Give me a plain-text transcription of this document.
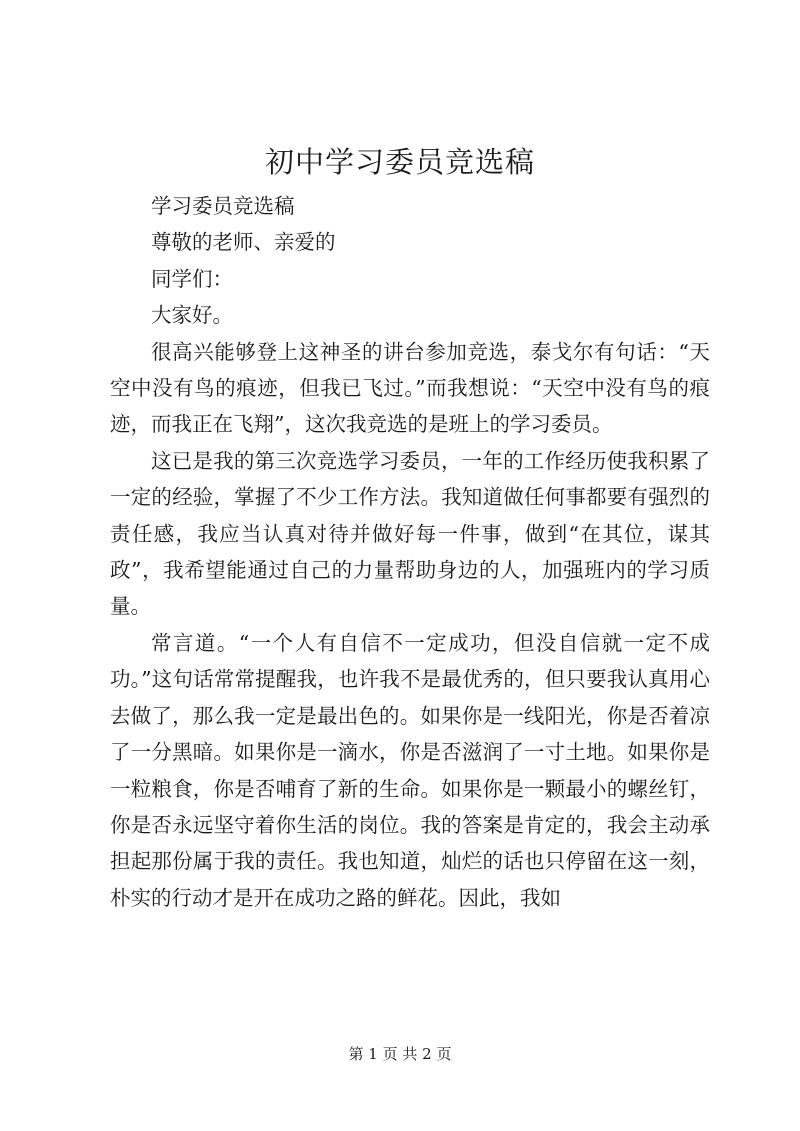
初中学习委员竞选稿

学习委员竞选稿

尊敬的老师、亲爱的

同学们：

大家好。

很高兴能够登上这神圣的讲台参加竞选，泰戈尔有句话：“天空中没有鸟的痕迹，但我已飞过。”而我想说：“天空中没有鸟的痕迹，而我正在飞翔”，这次我竞选的是班上的学习委员。

这已是我的第三次竞选学习委员，一年的工作经历使我积累了一定的经验，掌握了不少工作方法。我知道做任何事都要有强烈的责任感，我应当认真对待并做好每一件事，做到“在其位，谋其政”，我希望能通过自己的力量帮助身边的人，加强班内的学习质量。

常言道。“一个人有自信不一定成功，但没自信就一定不成功。”这句话常常提醒我，也许我不是最优秀的，但只要我认真用心去做了，那么我一定是最出色的。如果你是一线阳光，你是否着凉了一分黑暗。如果你是一滴水，你是否滋润了一寸土地。如果你是一粒粮食，你是否哺育了新的生命。如果你是一颗最小的螺丝钉，你是否永远坚守着你生活的岗位。我的答案是肯定的，我会主动承担起那份属于我的责任。我也知道，灿烂的话也只停留在这一刻，朴实的行动才是开在成功之路的鲜花。因此，我如

第 1 页 共 2 页
